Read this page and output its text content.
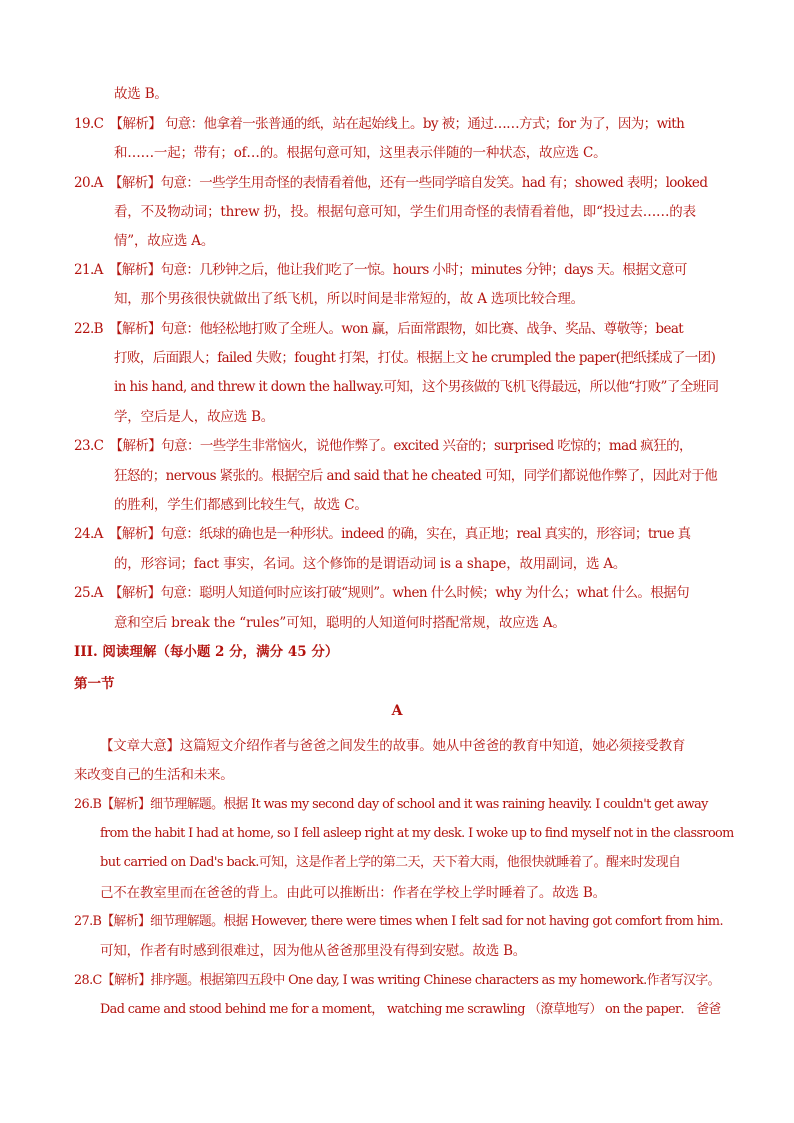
故选 B。
19.C　【解析】 句意：他拿着一张普通的纸，站在起始线上。by 被；通过……方式；for 为了，因为；with
和……一起；带有；of…的。根据句意可知，这里表示伴随的一种状态，故应选 C。
20.A　【解析】句意：一些学生用奇怪的表情看着他，还有一些同学暗自发笑。had 有；showed 表明；looked
看，不及物动词；threw 扔，投。根据句意可知，学生们用奇怪的表情看着他，即“投过去……的表
情”，故应选 A。
21.A　【解析】句意：几秒钟之后，他让我们吃了一惊。hours 小时；minutes 分钟；days 天。根据文意可
知，那个男孩很快就做出了纸飞机，所以时间是非常短的，故 A 选项比较合理。
22.B　【解析】句意：他轻松地打败了全班人。won 赢，后面常跟物，如比赛、战争、奖品、尊敬等；beat
打败，后面跟人；failed 失败；fought 打架，打仗。根据上文 he crumpled the paper(把纸揉成了一团)
in his hand, and threw it down the hallway.可知，这个男孩做的飞机飞得最远，所以他“打败”了全班同
学，空后是人，故应选 B。
23.C　【解析】句意：一些学生非常恼火，说他作弊了。excited 兴奋的；surprised 吃惊的；mad 疯狂的，
狂怒的；nervous 紧张的。根据空后 and said that he cheated 可知，同学们都说他作弊了，因此对于他
的胜利，学生们都感到比较生气，故选 C。
24.A　【解析】句意：纸球的确也是一种形状。indeed 的确，实在，真正地；real 真实的，形容词；true 真
的，形容词；fact 事实，名词。这个修饰的是谓语动词 is a shape，故用副词，选 A。
25.A　【解析】句意：聪明人知道何时应该打破“规则”。when 什么时候；why 为什么；what 什么。根据句
意和空后 break the “rules”可知，聪明的人知道何时搭配常规，故应选 A。
III. 阅读理解（每小题 2 分，满分 45 分）
第一节
A
【文章大意】这篇短文介绍作者与爸爸之间发生的故事。她从中爸爸的教育中知道，她必须接受教育
来改变自己的生活和未来。
26.B【解析】细节理解题。根据 It was my second day of school and it was raining heavily. I couldn't get away
from the habit I had at home, so I fell asleep right at my desk. I woke up to find myself not in the classroom
but carried on Dad's back.可知，这是作者上学的第二天，天下着大雨，他很快就睡着了。醒来时发现自
己不在教室里而在爸爸的背上。由此可以推断出：作者在学校上学时睡着了。故选 B。
27.B【解析】细节理解题。根据 However, there were times when I felt sad for not having got comfort from him.
可知，作者有时感到很难过，因为他从爸爸那里没有得到安慰。故选 B。
28.C【解析】排序题。根据第四五段中 One day, I was writing Chinese characters as my homework.作者写汉字。
Dad came and stood behind me for a moment， watching me scrawling （潦草地写） on the paper． 爸爸
